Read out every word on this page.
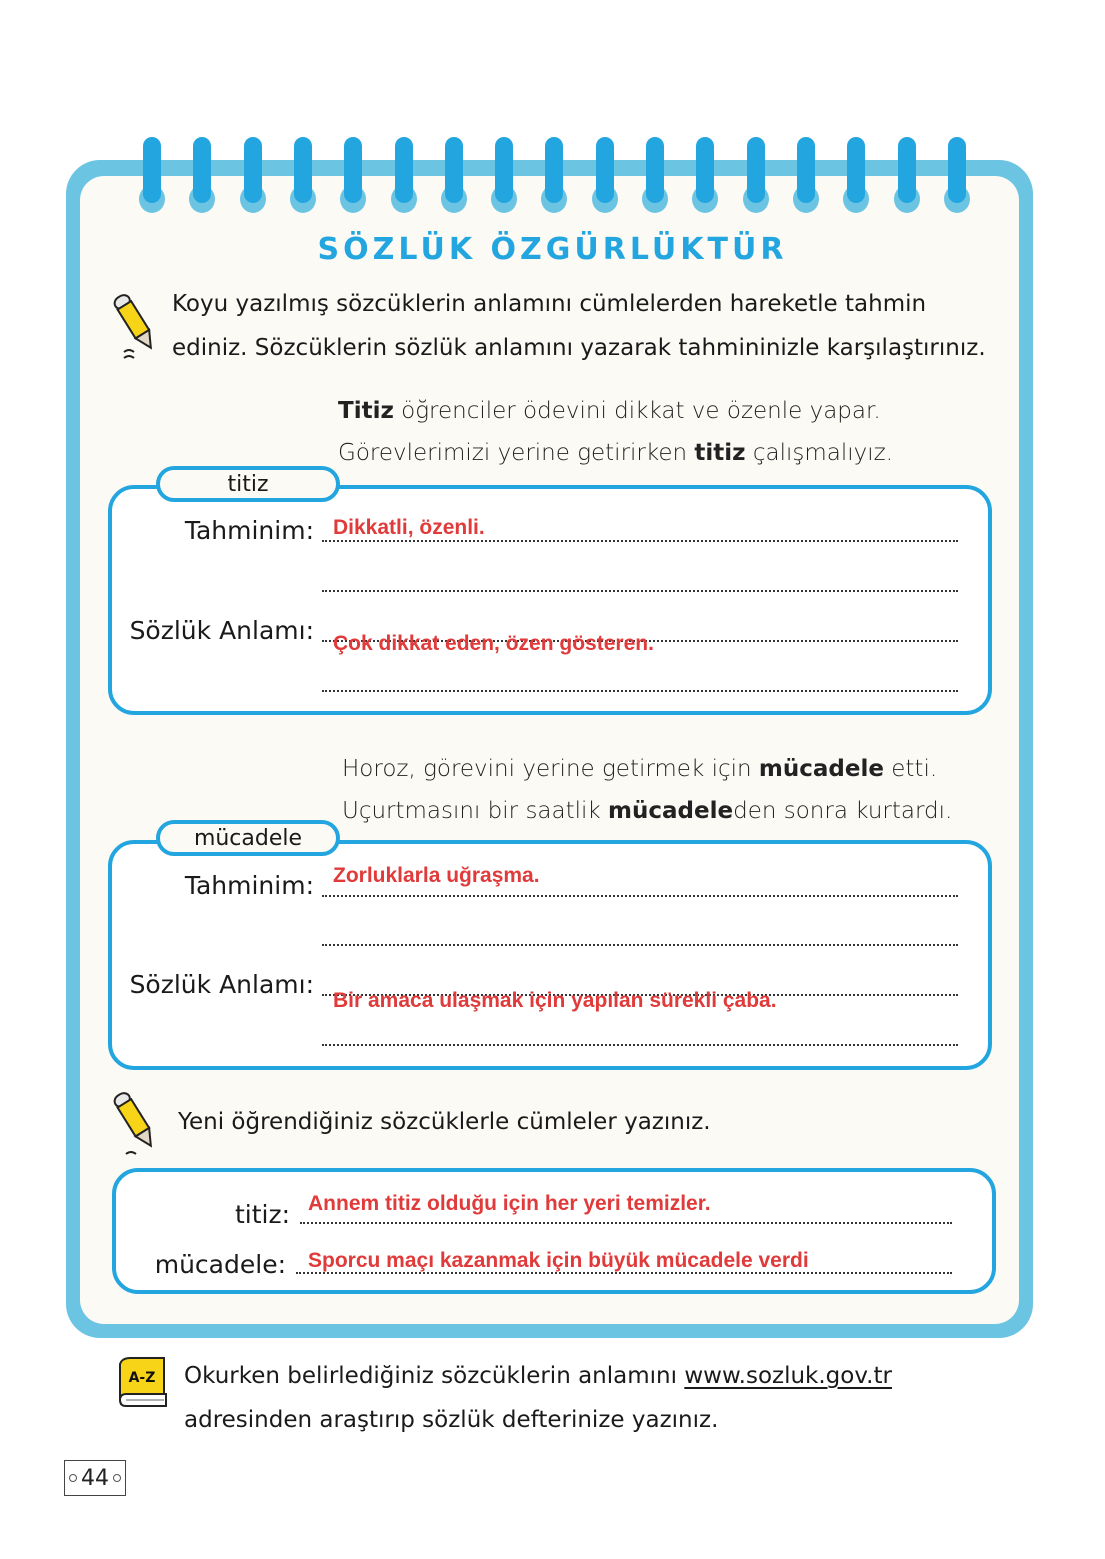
SÖZLÜK ÖZGÜRLÜKTÜR
Koyu yazılmış sözcüklerin anlamını cümlelerden hareketle tahmin
ediniz. Sözcüklerin sözlük anlamını yazarak tahmininizle karşılaştırınız.
Titiz öğrenciler ödevini dikkat ve özenle yapar.
Görevlerimizi yerine getirirken titiz çalışmalıyız.
titiz
Tahminim: Dikkatli, özenli.
Sözlük Anlamı: Çok dikkat eden, özen gösteren.
Horoz, görevini yerine getirmek için mücadele etti.
Uçurtmasını bir saatlik mücadeleden sonra kurtardı.
mücadele
Tahminim: Zorluklarla uğraşma.
Sözlük Anlamı:
Bir amaca ulaşmak için yapılan sürekli çaba.
Yeni öğrendiğiniz sözcüklerle cümleler yazınız.
titiz: Annem titiz olduğu için her yeri temizler.
mücadele: Sporcu maçı kazanmak için büyük mücadele verdi
A-Z Okurken belirlediğiniz sözcüklerin anlamını www.sozluk.gov.tr
adresinden araştırıp sözlük defterinize yazınız.
44
